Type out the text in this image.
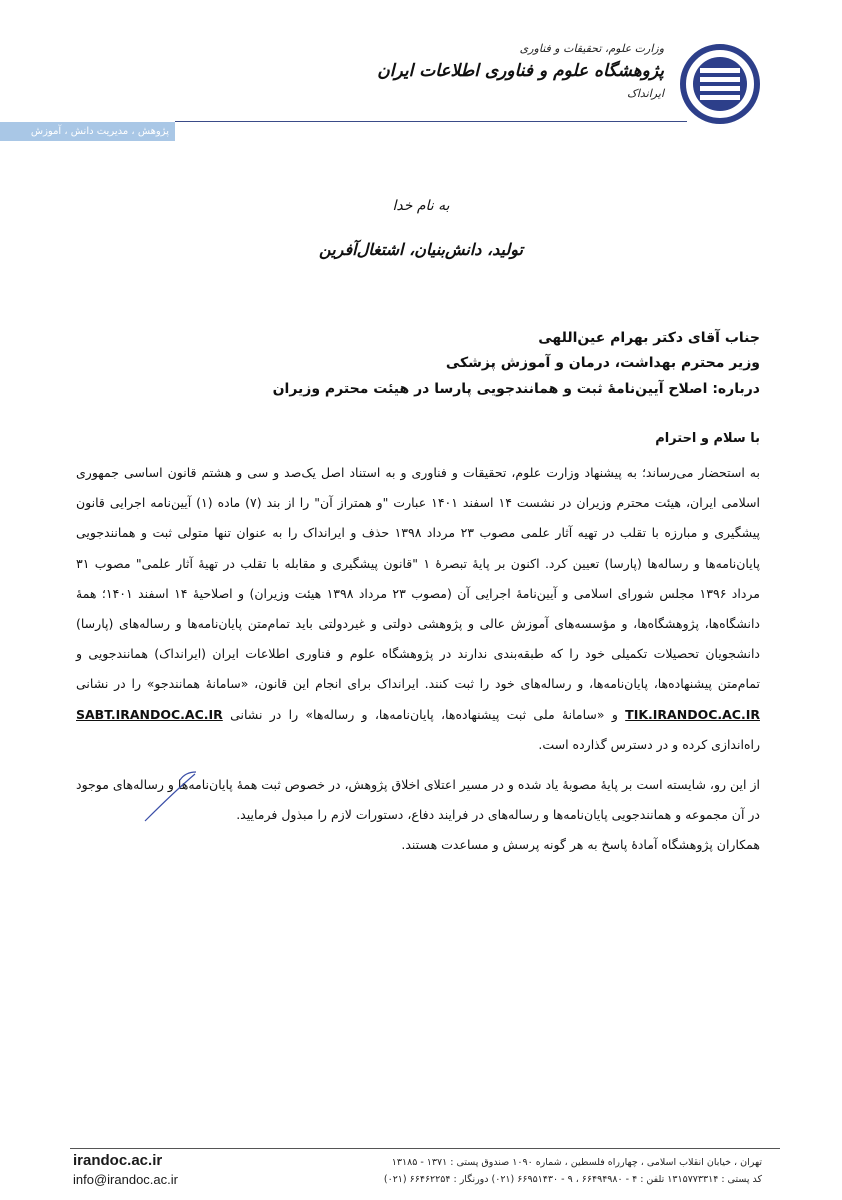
وزارت علوم، تحقیقات و فناوری
پژوهشگاه علوم و فناوری اطلاعات ایران
ایرانداک
پژوهش ، مدیریت دانش ، آموزش
به نام خدا
تولید، دانش‌بنیان، اشتغال‌آفرین
جناب آقای دکتر بهرام عین‌اللهی
وزیر محترم بهداشت، درمان و آموزش پزشکی
درباره: اصلاح آیین‌نامهٔ ثبت و همانندجویی پارسا در هیئت محترم وزیران
با سلام و احترام

به استحضار می‌رساند؛ به پیشنهاد وزارت علوم، تحقیقات و فناوری و به استناد اصل یک‌صد و سی و هشتم قانون اساسی جمهوری اسلامی ایران، هیئت محترم وزیران در نشست ۱۴ اسفند ۱۴۰۱ عبارت "و همتراز آن" را از بند (۷) ماده (۱) آیین‌نامه اجرایی قانون پیشگیری و مبارزه با تقلب در تهیه آثار علمی مصوب ۲۳ مرداد ۱۳۹۸ حذف و ایرانداک را به عنوان تنها متولی ثبت و همانندجویی پایان‌نامه‌ها و رساله‌ها (پارسا) تعیین کرد. اکنون بر پایهٔ تبصرهٔ ۱ "قانون پیشگیری و مقابله با تقلب در تهیهٔ آثار علمی" مصوب ۳۱ مرداد ۱۳۹۶ مجلس شورای اسلامی و آیین‌نامهٔ اجرایی آن (مصوب ۲۳ مرداد ۱۳۹۸ هیئت وزیران) و اصلاحیهٔ ۱۴ اسفند ۱۴۰۱؛ همهٔ دانشگاه‌ها، پژوهشگاه‌ها، و مؤسسه‌های آموزش عالی و پژوهشی دولتی و غیردولتی باید تمام‌متن پایان‌نامه‌ها و رساله‌های (پارسا) دانشجویان تحصیلات تکمیلی خود را که طبقه‌بندی ندارند در پژوهشگاه علوم و فناوری اطلاعات ایران (ایرانداک) همانندجویی و تمام‌متن پیشنهاده‌ها، پایان‌نامه‌ها، و رساله‌های خود را ثبت کنند. ایرانداک برای انجام این قانون، «سامانهٔ همانندجو» را در نشانی TIK.IRANDOC.AC.IR و «سامانهٔ ملی ثبت پیشنهاده‌ها، پایان‌نامه‌ها، و رساله‌ها» را در نشانی SABT.IRANDOC.AC.IR راه‌اندازی کرده و در دسترس گذارده است.

از این رو، شایسته است بر پایهٔ مصوبهٔ یاد شده و در مسیر اعتلای اخلاق پژوهش، در خصوص ثبت همهٔ پایان‌نامه‌ها و رساله‌های موجود در آن مجموعه و همانندجویی پایان‌نامه‌ها و رساله‌های در فرایند دفاع، دستورات لازم را مبذول فرمایید.

همکاران پژوهشگاه آمادهٔ پاسخ به هر گونه پرسش و مساعدت هستند.

irandoc.ac.ir
info@irandoc.ac.ir
تهران ، خیابان انقلاب اسلامی ، چهارراه فلسطین ، شماره ۱۰۹۰ صندوق پستی : ۱۳۷۱ - ۱۳۱۸۵
کد پستی : ۱۳۱۵۷۷۳۳۱۴ تلفن : ۴ - ۶۶۴۹۴۹۸۰ ، ۹ - ۶۶۹۵۱۴۳۰ (۰۲۱) دورنگار : ۶۶۴۶۲۲۵۴ (۰۲۱)
